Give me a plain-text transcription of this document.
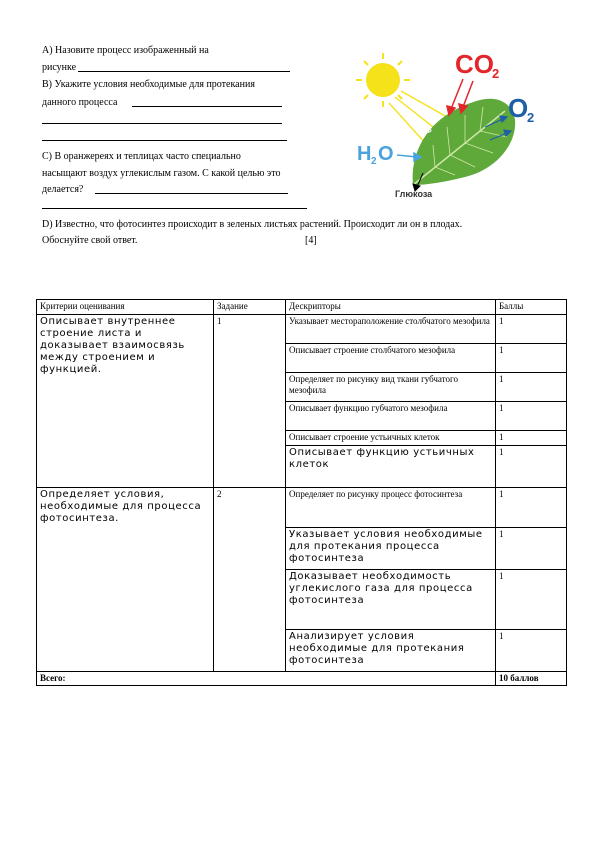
А) Назовите процесс изображенный на
рисунке
В) Укажите условия необходимые для протекания
данного процесса
С) В оранжереях и теплицах часто специально
насыщают воздух углекислым газом. С какой целью это
делается?
D) Известно, что фотосинтез происходит в зеленых листьях растений. Происходит ли он в плодах.
Обоснуйте свой ответ.	[4]
CO
2
O
2
H 2 O
АТФ
Глюкоза
Критерии оценивания	Задание	Дескрипторы	Баллы
Описывает внутреннее строение листа и доказывает взаимосвязь между строением и функцией.	1	Указывает местораположение столбчатого мезофила	1
		Описывает строение столбчатого мезофила	1
		Определяет по рисунку вид ткани губчатого мезофила	1
		Описывает функцию губчатого мезофила	1
		Описывает строение устьичных клеток	1
		Описывает функцию устьичных клеток	1
Определяет условия, необходимые для процесса фотосинтеза.	2	Определяет по рисунку процесс фотосинтеза	1
		Указывает условия необходимые для протекания процесса фотосинтеза	1
		Доказывает необходимость углекислого газа для процесса фотосинтеза	1
		Анализирует условия необходимые для протекания фотосинтеза	1
Всего:			10 баллов
